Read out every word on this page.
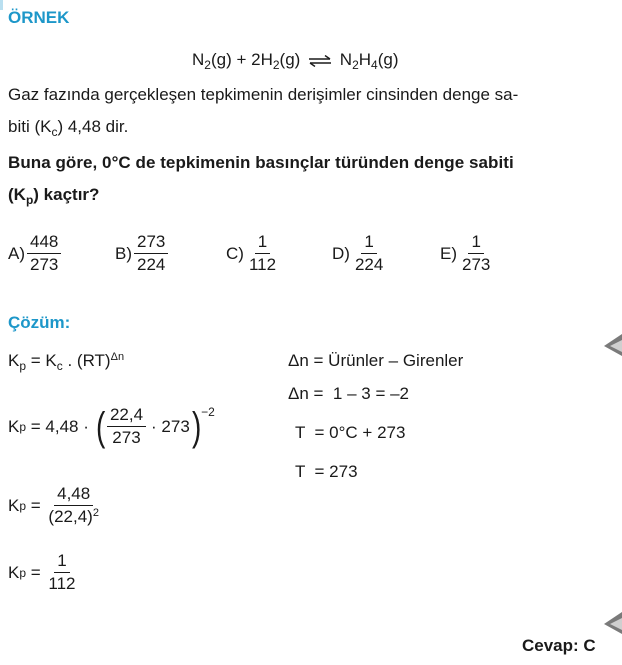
ÖRNEK
$N_2(g) + 2H_2(g)$ ⇌ $N_2H_4(g)$
Gaz fazında gerçekleşen tepkimenin derişimler cinsinden denge sa-
biti $(K_c)$ 4,48 dir.
Buna göre, 0°C de tepkimenin basınçlar türünden denge sabiti
$(K_p)$ kaçtır?
$A) \frac{448}{273}$	$B) \frac{273}{224}$	$C) \frac{1}{112}$	$D) \frac{1}{224}$	$E) \frac{1}{273}$
Çözüm:
$K_p = K_c$ . (RT)$^{\Delta n}$
K p = 4,48 · ( $\frac{22,4}{273} \cdot 273$ ) −2
K $p = \frac{4,48}{(22,4)^2}$
K $p = \frac{1}{112}$
Δn = Ürünler – Girenler
Δn =  1 – 3 = –2
T  = 0°C + 273
T  = 273
Cevap: C
